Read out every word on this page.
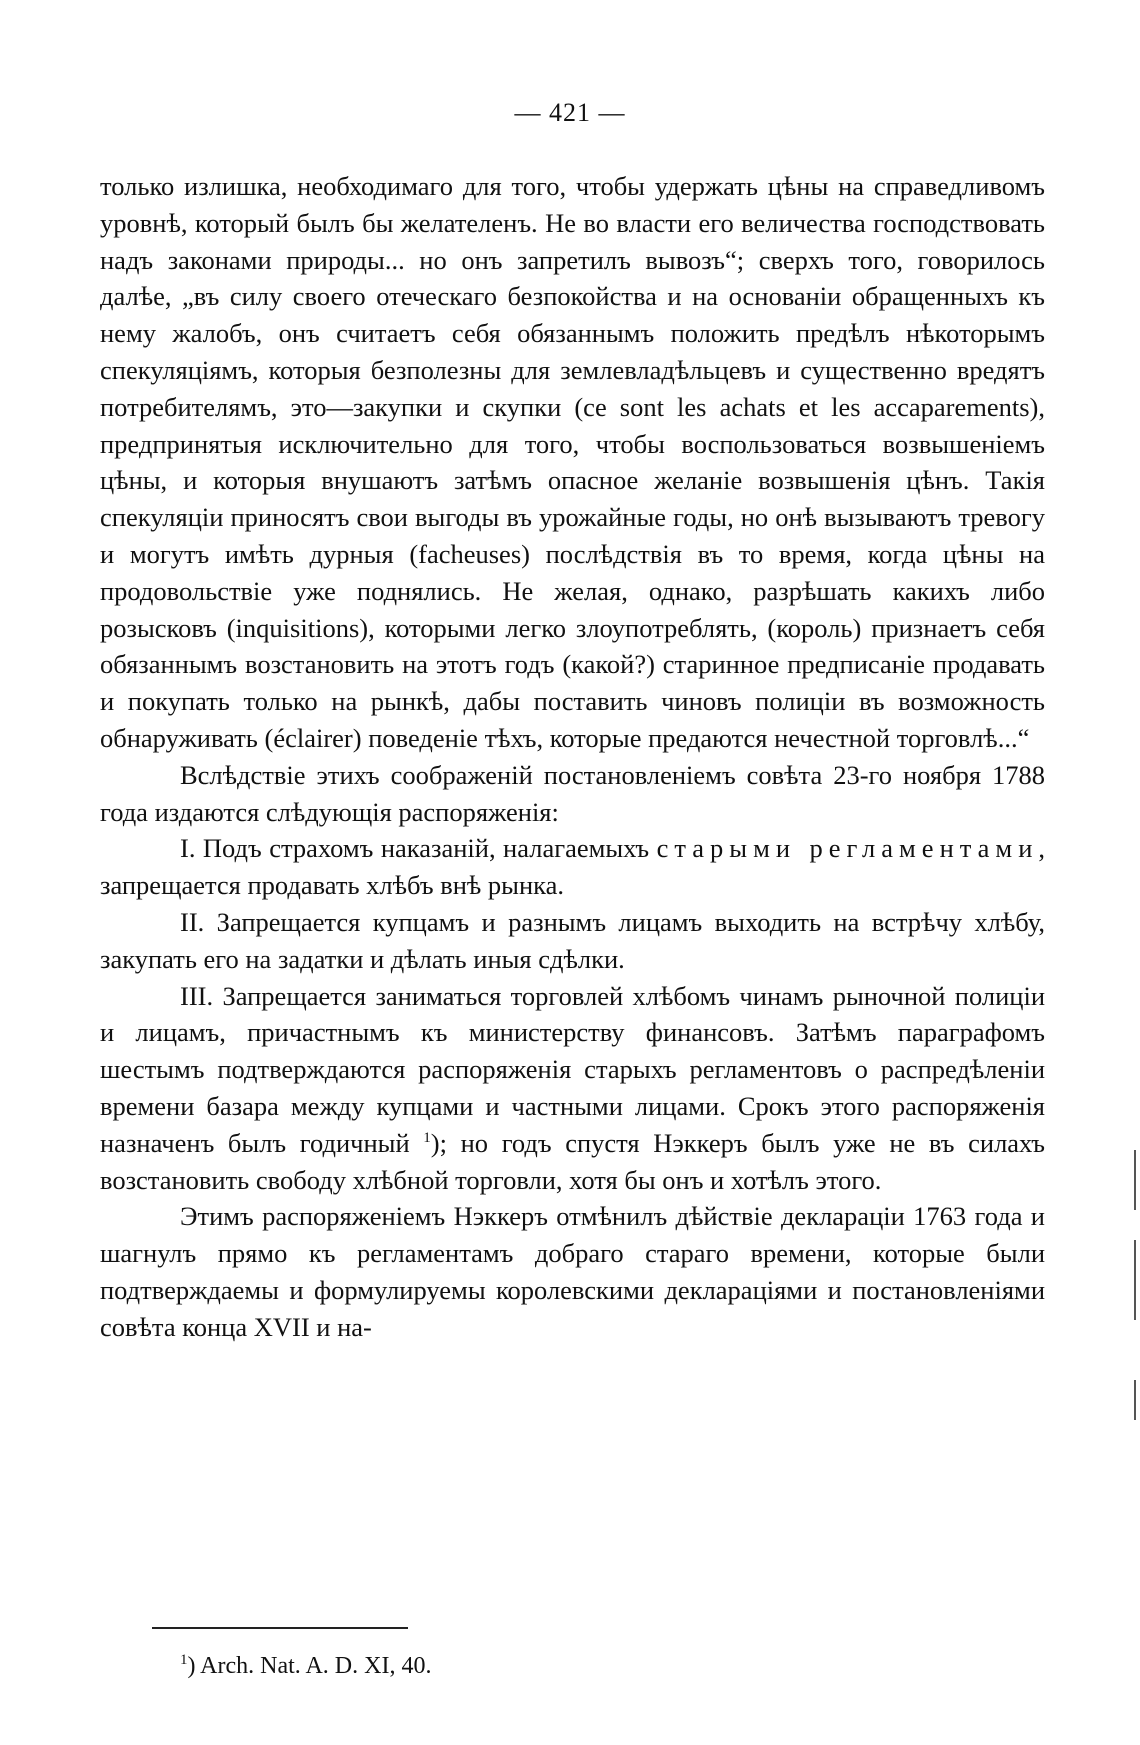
— 421 —

только излишка, необходимаго для того, чтобы удержать цѣны на справедливомъ уровнѣ, который былъ бы желателенъ. Не во власти его величества господствовать надъ законами природы... но онъ запретилъ вывозъ“; сверхъ того, говорилось далѣе, „въ силу своего отеческаго безпокойства и на основаніи обращенныхъ къ нему жалобъ, онъ считаетъ себя обязаннымъ положить предѣлъ нѣкоторымъ спекуляціямъ, которыя безполезны для землевладѣльцевъ и существенно вредятъ потребителямъ, это—закупки и скупки (ce sont les achats et les accaparements), предпринятыя исключительно для того, чтобы воспользоваться возвышеніемъ цѣны, и которыя внушаютъ затѣмъ опасное желаніе возвышенія цѣнъ. Такія спекуляціи приносятъ свои выгоды въ урожайные годы, но онѣ вызываютъ тревогу и могутъ имѣть дурныя (facheuses) послѣдствія въ то время, когда цѣны на продовольствіе уже поднялись. Не желая, однако, разрѣшать какихъ либо розысковъ (inquisitions), которыми легко злоупотреблять, (король) признаетъ себя обязаннымъ возстановить на этотъ годъ (какой?) старинное предписаніе продавать и покупать только на рынкѣ, дабы поставить чиновъ полиціи въ возможность обнаруживать (éclairer) поведеніе тѣхъ, которые предаются нечестной торговлѣ...“

Вслѣдствіе этихъ соображеній постановленіемъ совѣта 23-го ноября 1788 года издаются слѣдующія распоряженія:

I. Подъ страхомъ наказаній, налагаемыхъ старыми регламентами, запрещается продавать хлѣбъ внѣ рынка.

II. Запрещается купцамъ и разнымъ лицамъ выходить на встрѣчу хлѣбу, закупать его на задатки и дѣлать иныя сдѣлки.

III. Запрещается заниматься торговлей хлѣбомъ чинамъ рыночной полиціи и лицамъ, причастнымъ къ министерству финансовъ. Затѣмъ параграфомъ шестымъ подтверждаются распоряженія старыхъ регламентовъ о распредѣленіи времени базара между купцами и частными лицами. Срокъ этого распоряженія назначенъ былъ годичный $^1$); но годъ спустя Нэккеръ былъ уже не въ силахъ возстановить свободу хлѣбной торговли, хотя бы онъ и хотѣлъ этого.

Этимъ распоряженіемъ Нэккеръ отмѣнилъ дѣйствіе деклараціи 1763 года и шагнулъ прямо къ регламентамъ добраго стараго времени, которые были подтверждаемы и формулируемы королевскими деклараціями и постановленіями совѣта конца XVII и на-

$^1$) Arch. Nat. A. D. XI, 40.
